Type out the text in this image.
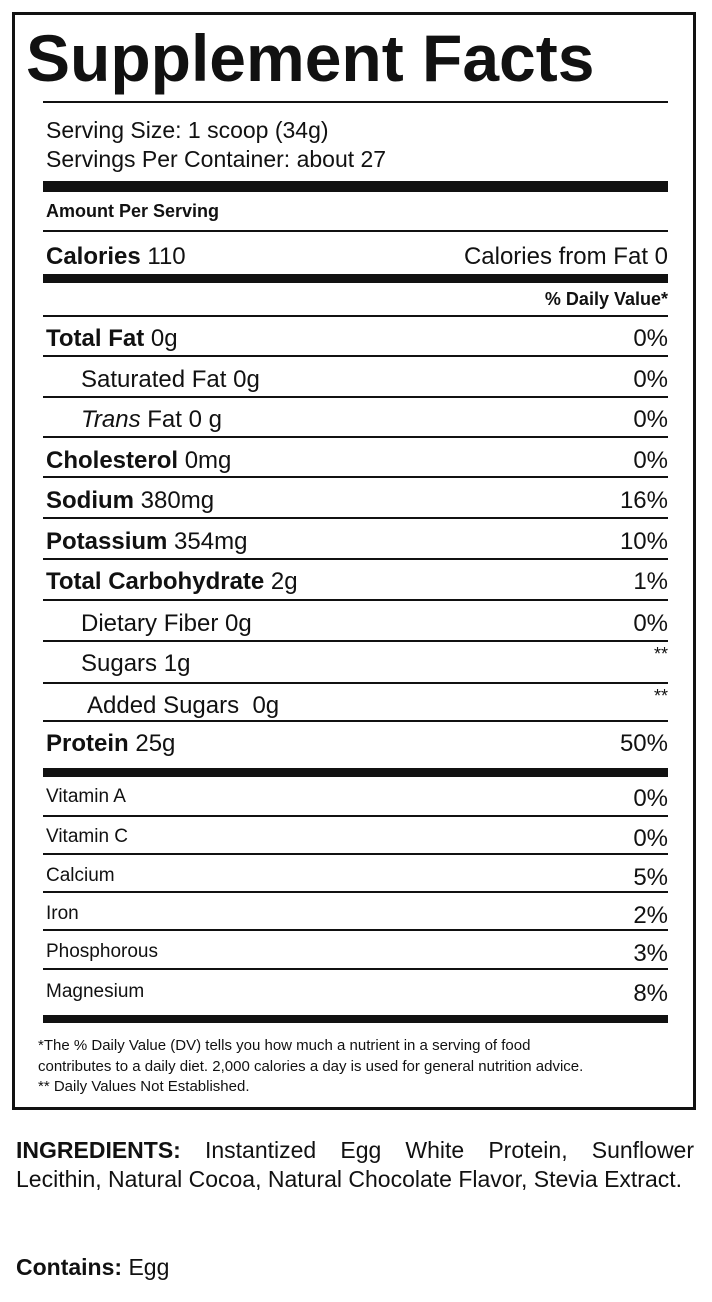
Supplement Facts
Serving Size: 1 scoop (34g)
Servings Per Container: about 27
Amount Per Serving
Calories 110	Calories from Fat 0
% Daily Value*
Total Fat 0g	0%
Saturated Fat 0g	0%
Trans Fat 0 g	0%
Cholesterol 0mg	0%
Sodium 380mg	16%
Potassium 354mg	10%
Total Carbohydrate 2g	1%
Dietary Fiber 0g	0%
Sugars 1g	**
Added Sugars 0g	**
Protein 25g	50%
Vitamin A	0%
Vitamin C	0%
Calcium	5%
Iron	2%
Phosphorous	3%
Magnesium	8%
*The % Daily Value (DV) tells you how much a nutrient in a serving of food
contributes to a daily diet. 2,000 calories a day is used for general nutrition advice.
** Daily Values Not Established.
INGREDIENTS: Instantized Egg White Protein, Sunflower Lecithin, Natural Cocoa, Natural Chocolate Flavor, Stevia Extract.
Contains: Egg
